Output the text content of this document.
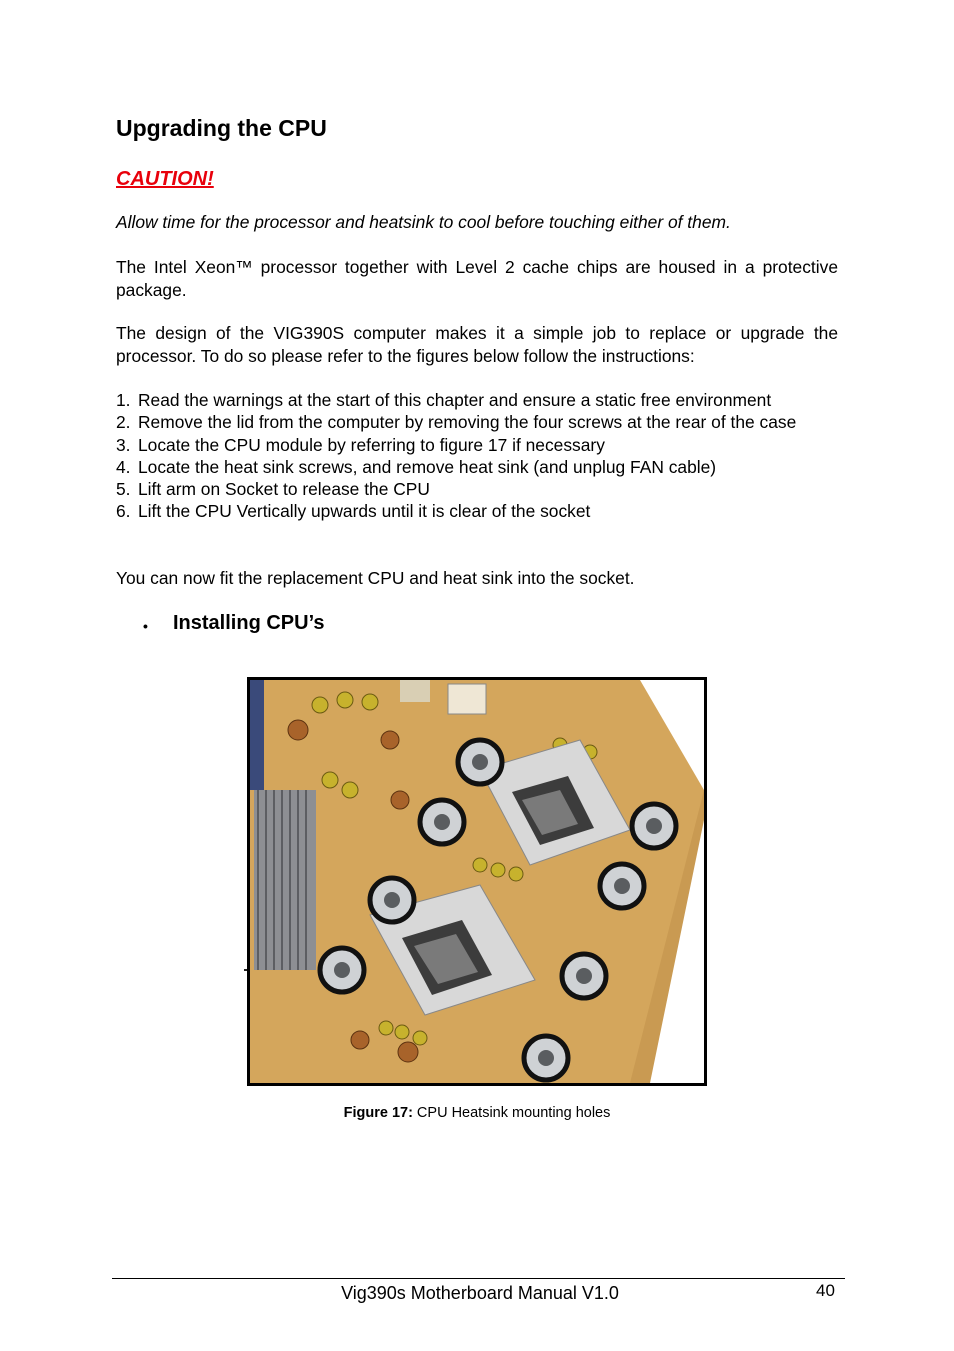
Upgrading the CPU

CAUTION!

Allow time for the processor and heatsink to cool before touching either of them.

The Intel Xeon™ processor together with Level 2 cache chips are housed in a protective package.

The design of the VIG390S computer makes it a simple job to replace or upgrade the processor. To do so please refer to the figures below follow the instructions:

1. Read the warnings at the start of this chapter and ensure a static free environment
2. Remove the lid from the computer by removing the four screws at the rear of the case
3. Locate the CPU module by referring to figure 17 if necessary
4. Locate the heat sink screws, and remove heat sink (and unplug FAN cable)
5. Lift arm on Socket to release the CPU
6. Lift the CPU Vertically upwards until it is clear of the socket

You can now fit the replacement CPU and heat sink into the socket.

• Installing CPU’s
Figure 17: CPU Heatsink mounting holes
Vig390s Motherboard Manual V1.0	40
